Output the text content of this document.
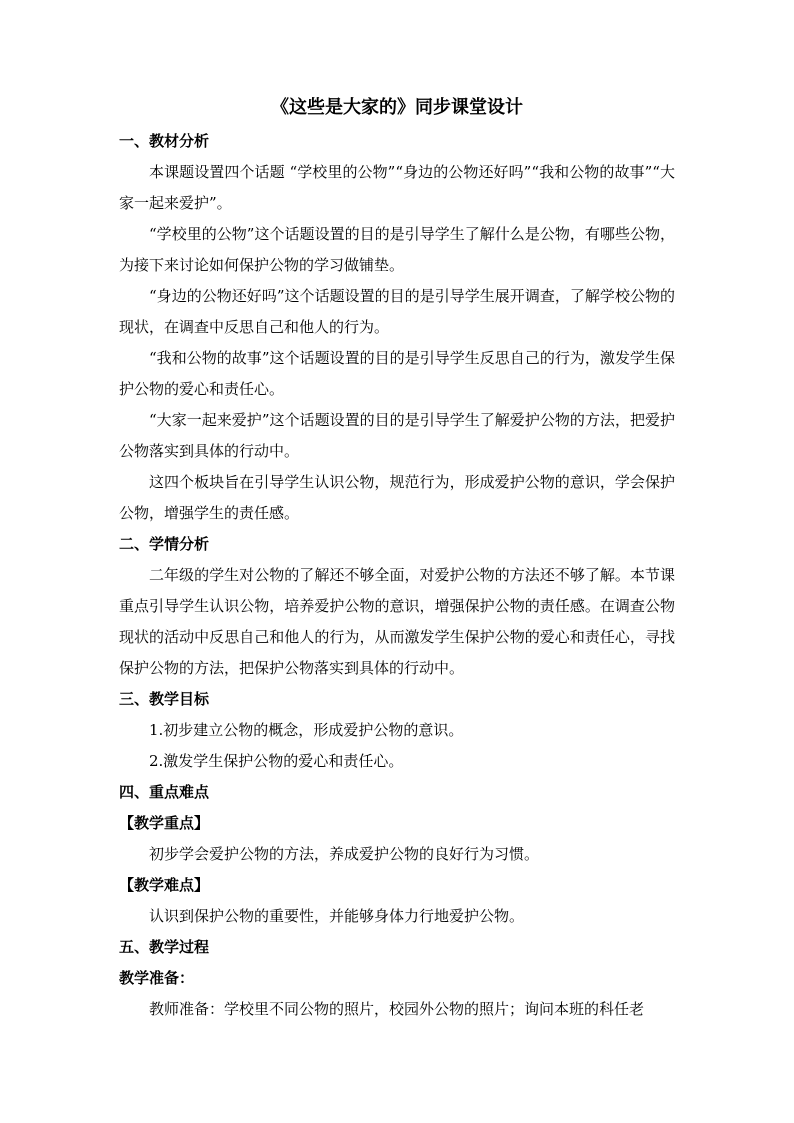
《这些是大家的》同步课堂设计

一、教材分析

本课题设置四个话题 “学校里的公物”“身边的公物还好吗”“我和公物的故事”“大家一起来爱护”。

“学校里的公物”这个话题设置的目的是引导学生了解什么是公物，有哪些公物，为接下来讨论如何保护公物的学习做铺垫。

“身边的公物还好吗”这个话题设置的目的是引导学生展开调查，了解学校公物的现状，在调查中反思自己和他人的行为。

“我和公物的故事”这个话题设置的目的是引导学生反思自己的行为，激发学生保护公物的爱心和责任心。

“大家一起来爱护”这个话题设置的目的是引导学生了解爱护公物的方法，把爱护公物落实到具体的行动中。

这四个板块旨在引导学生认识公物，规范行为，形成爱护公物的意识，学会保护公物，增强学生的责任感。

二、学情分析

二年级的学生对公物的了解还不够全面，对爱护公物的方法还不够了解。本节课重点引导学生认识公物，培养爱护公物的意识，增强保护公物的责任感。在调查公物现状的活动中反思自己和他人的行为，从而激发学生保护公物的爱心和责任心，寻找保护公物的方法，把保护公物落实到具体的行动中。

三、教学目标

1.初步建立公物的概念，形成爱护公物的意识。

2.激发学生保护公物的爱心和责任心。

四、重点难点

【教学重点】

初步学会爱护公物的方法，养成爱护公物的良好行为习惯。

【教学难点】

认识到保护公物的重要性，并能够身体力行地爱护公物。

五、教学过程

教学准备：

教师准备：学校里不同公物的照片，校园外公物的照片；询问本班的科任老
